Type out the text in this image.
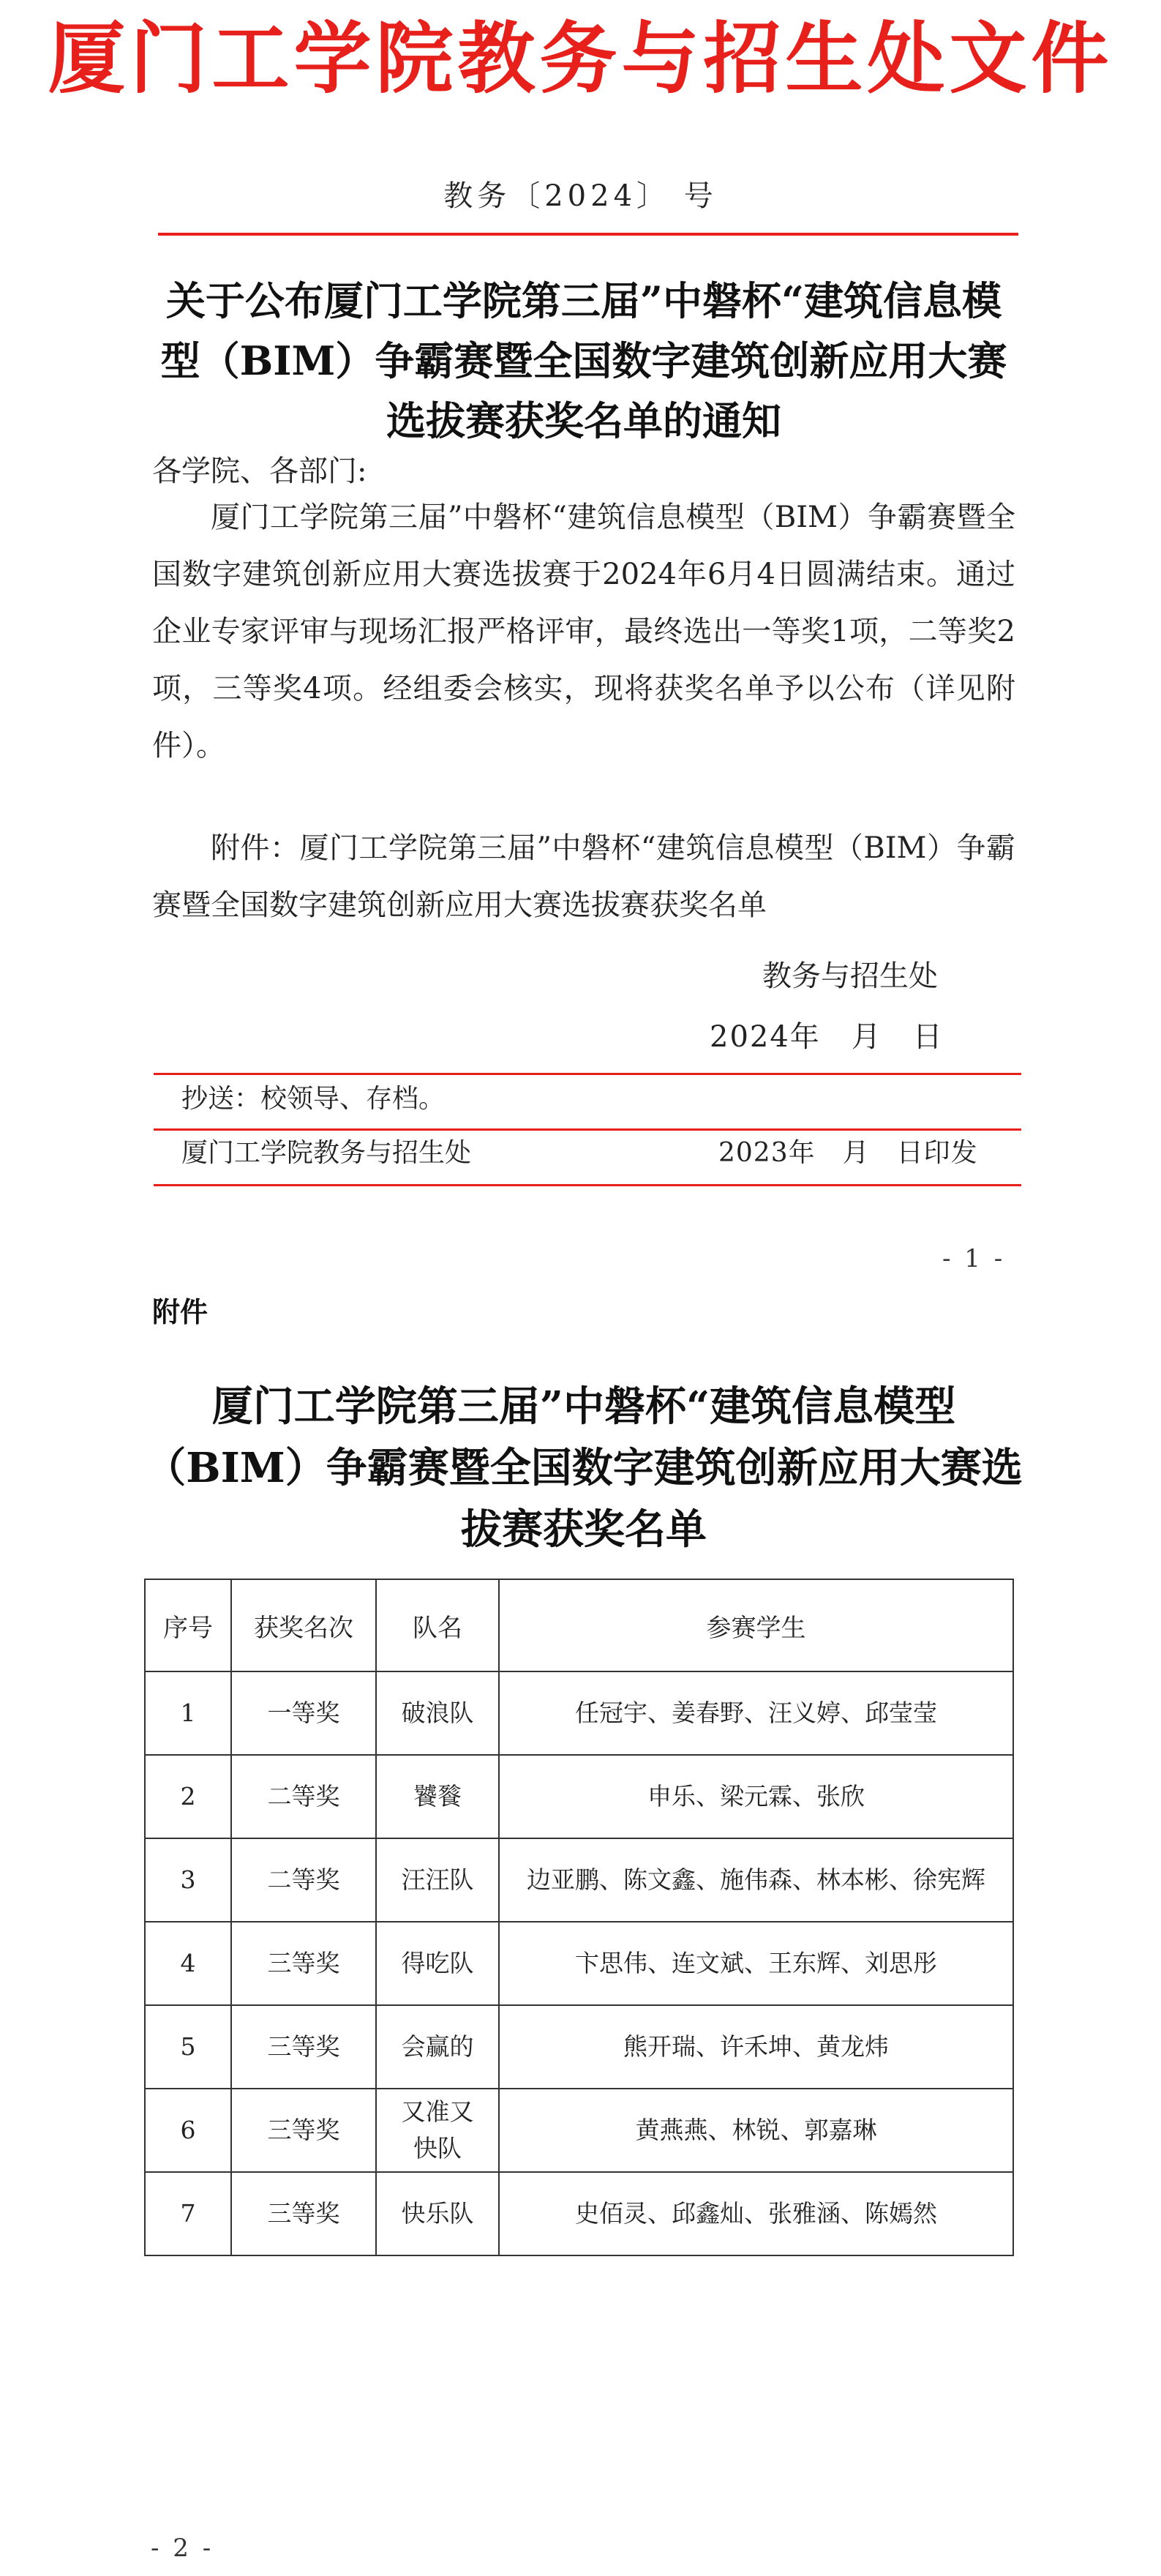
厦门工学院教务与招生处文件
教务〔2024〕 号
关于公布厦门工学院第三届”中磐杯“建筑信息模型（BIM）争霸赛暨全国数字建筑创新应用大赛选拔赛获奖名单的通知
各学院、各部门:
厦门工学院第三届”中磐杯“建筑信息模型（BIM）争霸赛暨全国数字建筑创新应用大赛选拔赛于2024年6月4日圆满结束。通过企业专家评审与现场汇报严格评审，最终选出一等奖1项，二等奖2项，三等奖4项。经组委会核实，现将获奖名单予以公布（详见附件）。
附件：厦门工学院第三届”中磐杯“建筑信息模型（BIM）争霸赛暨全国数字建筑创新应用大赛选拔赛获奖名单
教务与招生处
2024年　月　日
抄送：校领导、存档。
厦门工学院教务与招生处	2023年　月　日印发
- 1 -
附件
厦门工学院第三届”中磐杯“建筑信息模型（BIM）争霸赛暨全国数字建筑创新应用大赛选拔赛获奖名单
序号	获奖名次	队名	参赛学生
1	一等奖	破浪队	任冠宇、姜春野、汪义婷、邱莹莹
2	二等奖	饕餮	申乐、梁元霖、张欣
3	二等奖	汪汪队	边亚鹏、陈文鑫、施伟森、林本彬、徐宪辉
4	三等奖	得吃队	卞思伟、连文斌、王东辉、刘思彤
5	三等奖	会赢的	熊开瑞、许禾坤、黄龙炜
6	三等奖	又准又快队	黄燕燕、林锐、郭嘉琳
7	三等奖	快乐队	史佰灵、邱鑫灿、张雅涵、陈嫣然
- 2 -
